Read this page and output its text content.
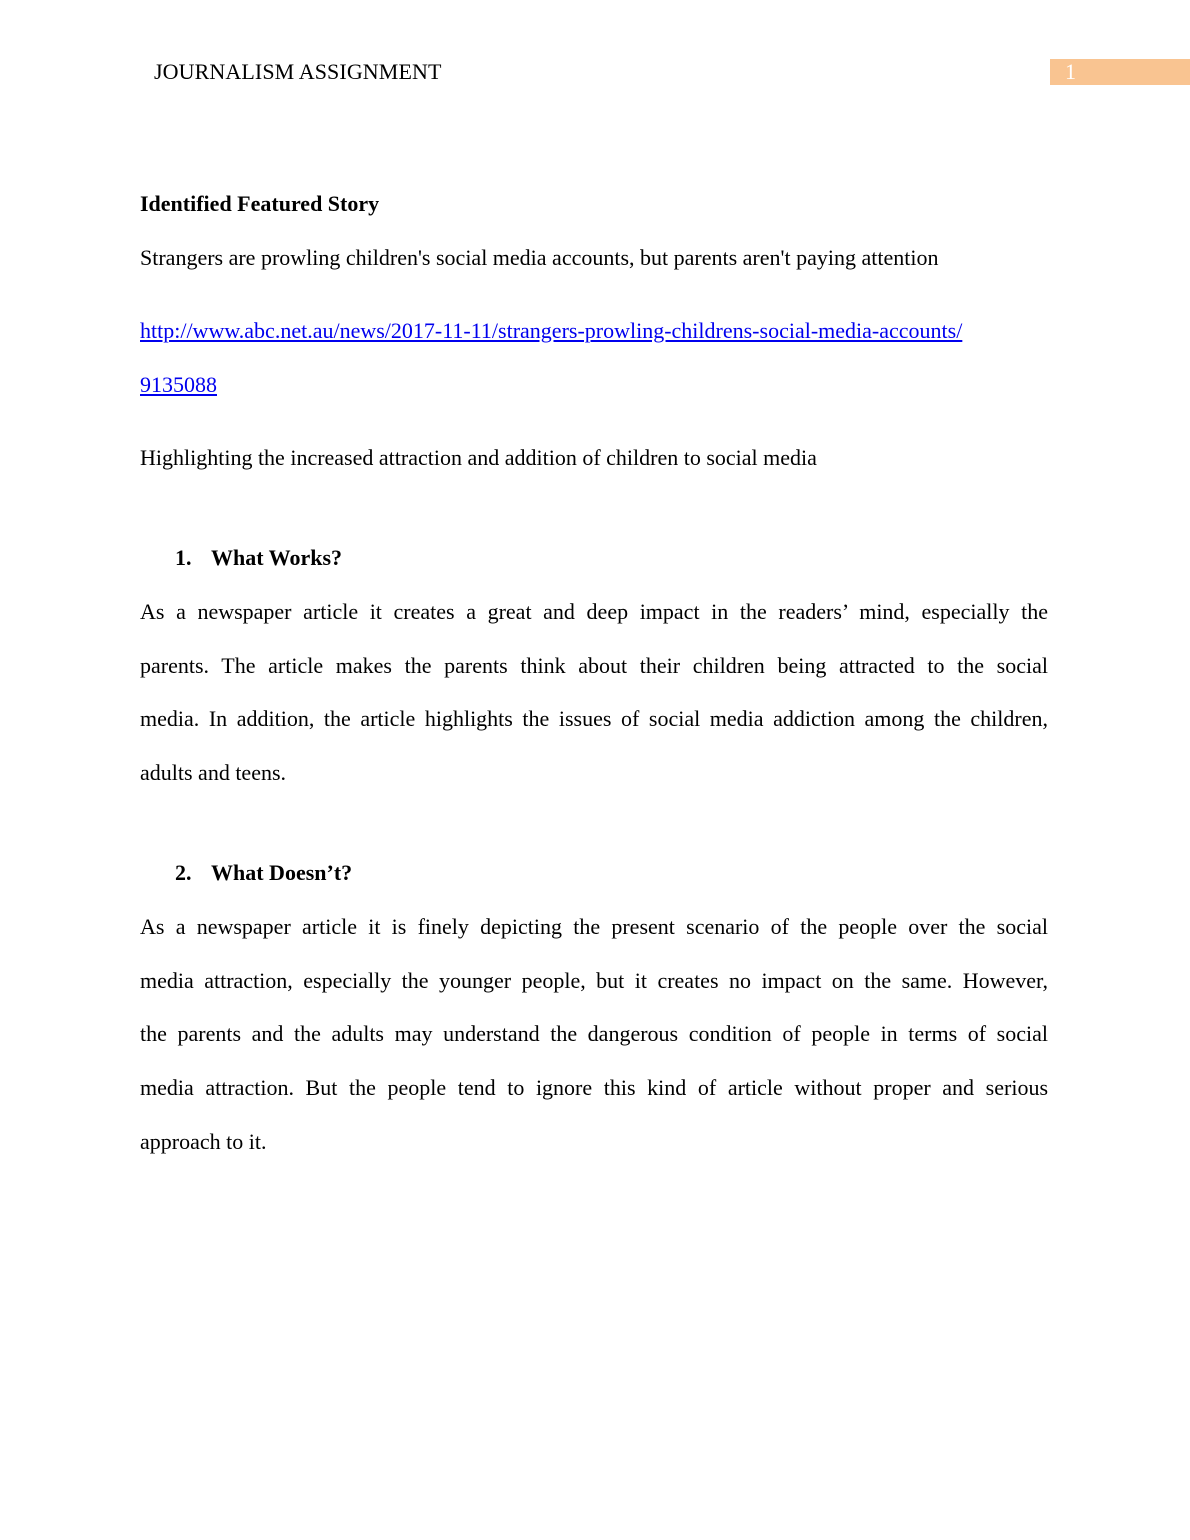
JOURNALISM ASSIGNMENT	1
Identified Featured Story
Strangers are prowling children's social media accounts, but parents aren't paying attention
http://www.abc.net.au/news/2017-11-11/strangers-prowling-childrens-social-media-accounts/
9135088
Highlighting the increased attraction and addition of children to social media
1. What Works?
As a newspaper article it creates a great and deep impact in the readers’ mind, especially the
parents. The article makes the parents think about their children being attracted to the social
media. In addition, the article highlights the issues of social media addiction among the children,
adults and teens.
2. What Doesn’t?
As a newspaper article it is finely depicting the present scenario of the people over the social
media attraction, especially the younger people, but it creates no impact on the same. However,
the parents and the adults may understand the dangerous condition of people in terms of social
media attraction. But the people tend to ignore this kind of article without proper and serious
approach to it.
